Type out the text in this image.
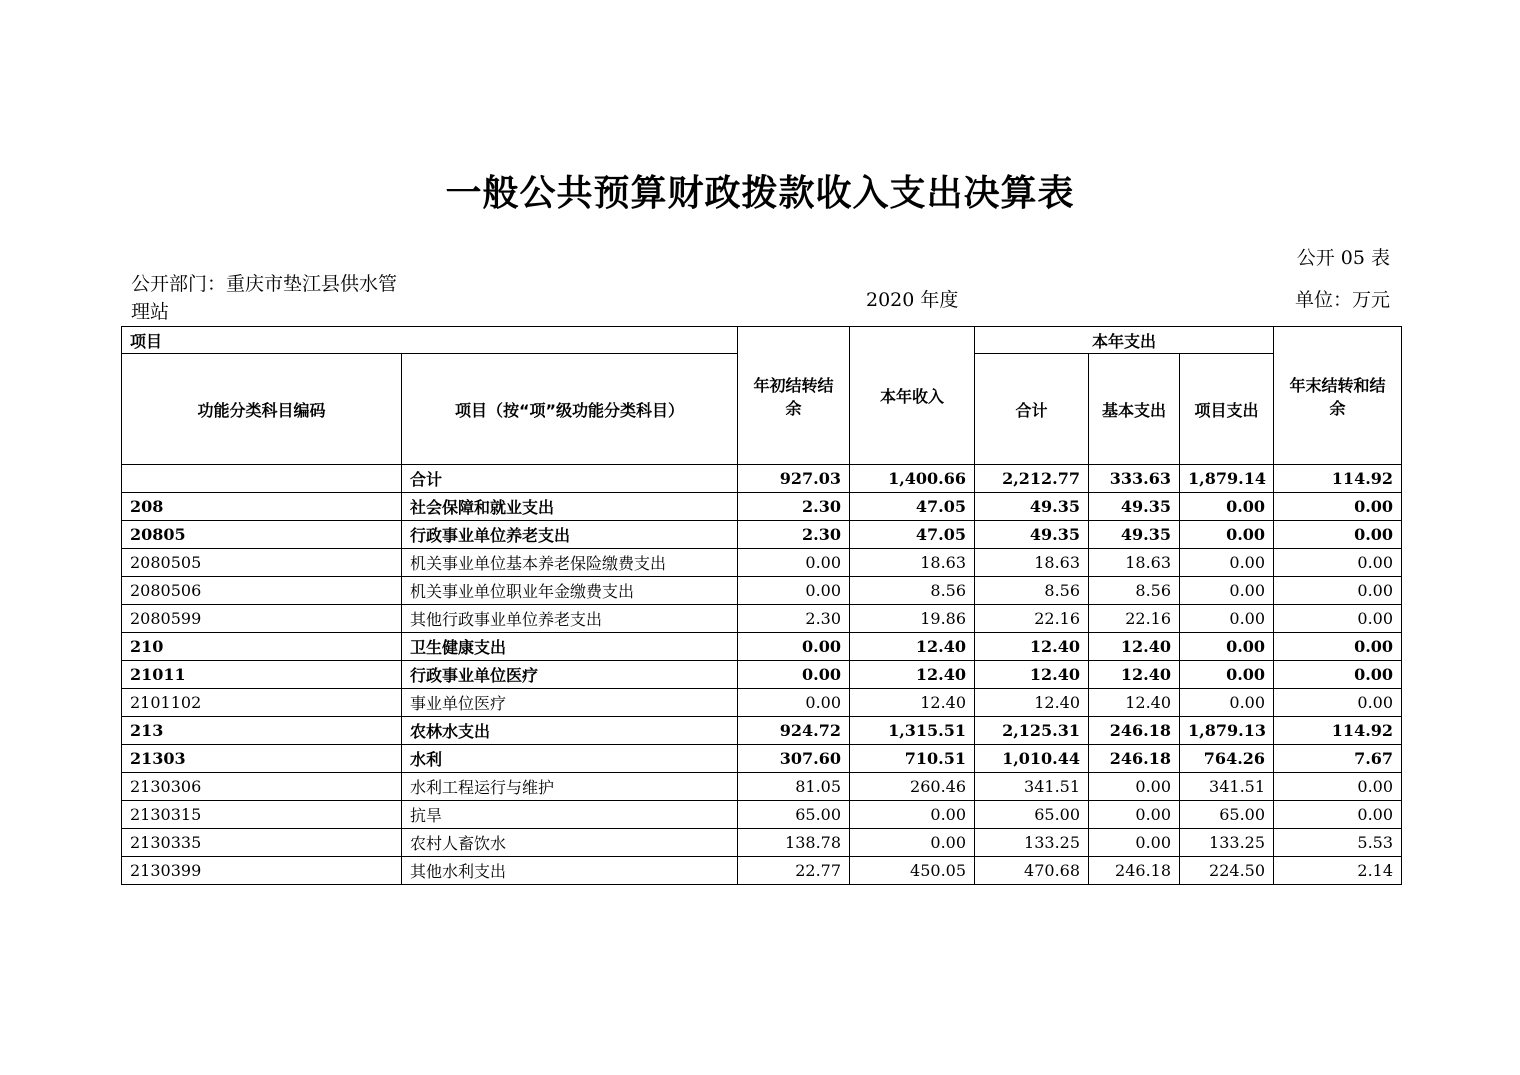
一般公共预算财政拨款收入支出决算表
公开 05 表
公开部门：重庆市垫江县供水管理站
2020 年度	单位：万元
项目		年初结转结余	本年收入	本年支出			年末结转和结余
功能分类科目编码	项目（按“项”级功能分类科目）			合计	基本支出	项目支出	
	合计	927.03	1,400.66	2,212.77	333.63	1,879.14	114.92
208	社会保障和就业支出	2.30	47.05	49.35	49.35	0.00	0.00
20805	行政事业单位养老支出	2.30	47.05	49.35	49.35	0.00	0.00
2080505	机关事业单位基本养老保险缴费支出	0.00	18.63	18.63	18.63	0.00	0.00
2080506	机关事业单位职业年金缴费支出	0.00	8.56	8.56	8.56	0.00	0.00
2080599	其他行政事业单位养老支出	2.30	19.86	22.16	22.16	0.00	0.00
210	卫生健康支出	0.00	12.40	12.40	12.40	0.00	0.00
21011	行政事业单位医疗	0.00	12.40	12.40	12.40	0.00	0.00
2101102	事业单位医疗	0.00	12.40	12.40	12.40	0.00	0.00
213	农林水支出	924.72	1,315.51	2,125.31	246.18	1,879.13	114.92
21303	水利	307.60	710.51	1,010.44	246.18	764.26	7.67
2130306	水利工程运行与维护	81.05	260.46	341.51	0.00	341.51	0.00
2130315	抗旱	65.00	0.00	65.00	0.00	65.00	0.00
2130335	农村人畜饮水	138.78	0.00	133.25	0.00	133.25	5.53
2130399	其他水利支出	22.77	450.05	470.68	246.18	224.50	2.14
